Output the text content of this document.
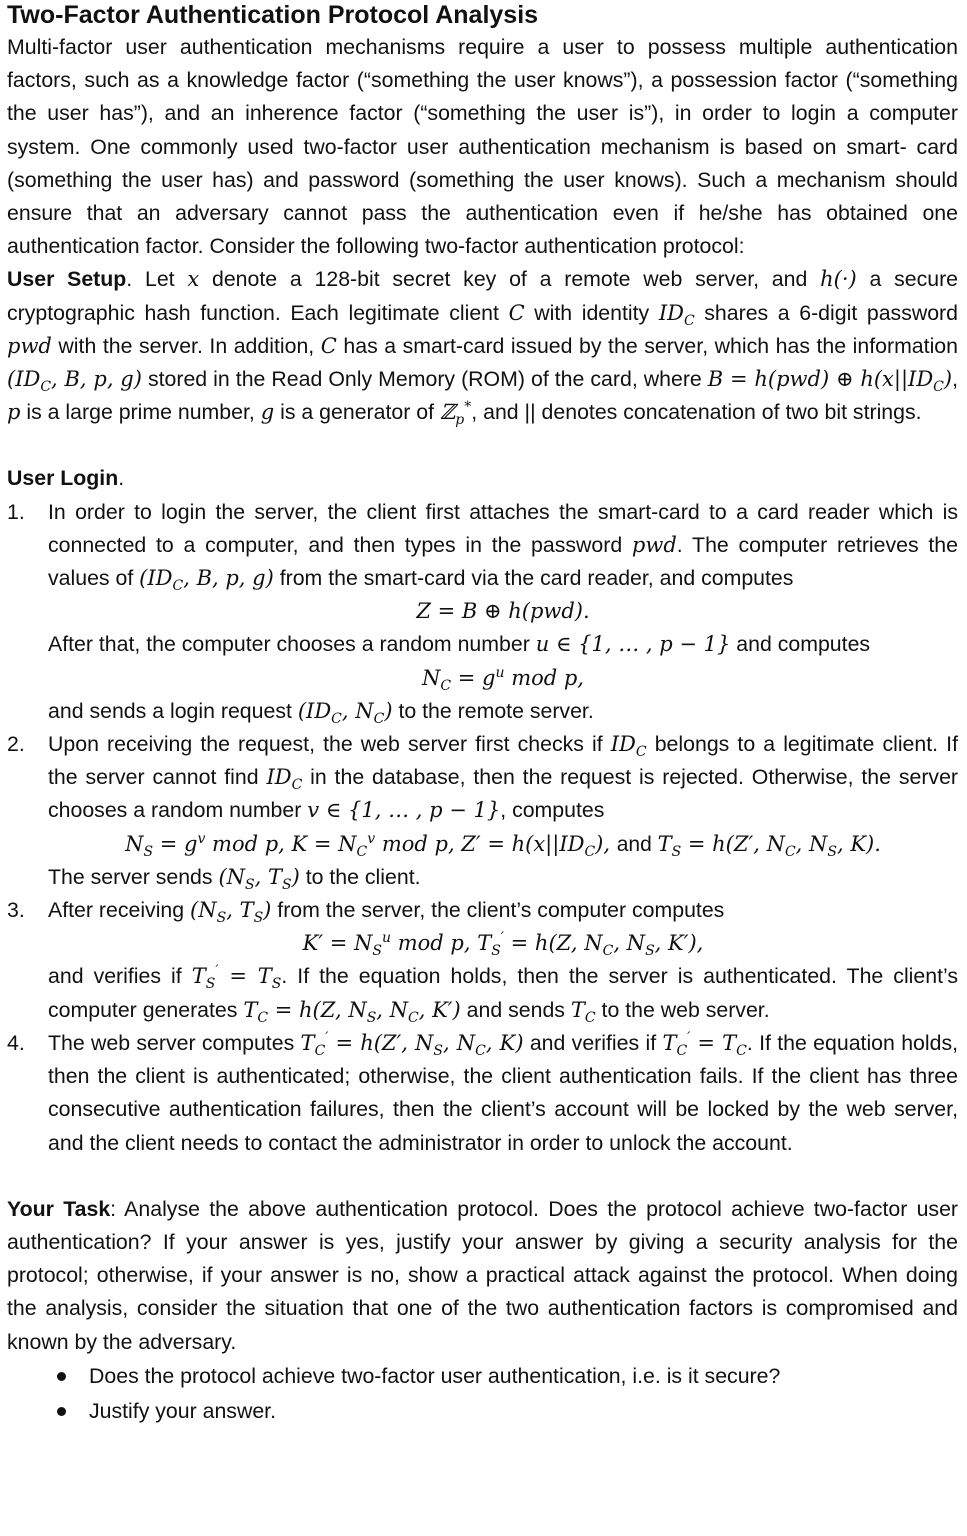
Two-Factor Authentication Protocol Analysis

Multi-factor user authentication mechanisms require a user to possess multiple authentication factors, such as a knowledge factor (“something the user knows”), a possession factor (“something the user has”), and an inherence factor (“something the user is”), in order to login a computer system. One commonly used two-factor user authentication mechanism is based on smart- card (something the user has) and password (something the user knows). Such a mechanism should ensure that an adversary cannot pass the authentication even if he/she has obtained one authentication factor. Consider the following two-factor authentication protocol:

User Setup. Let x denote a 128-bit secret key of a remote web server, and h(·) a secure cryptographic hash function. Each legitimate client C with identity $ID_C$ shares a 6-digit password pwd with the server. In addition, C has a smart-card issued by the server, which has the information ($ID_C$, B, p, g) stored in the Read Only Memory (ROM) of the card, where B = h(pwd) ⊕ $h(x||ID_C)$, p is a large prime number, g is a generator of ℤ$_p$*, and || denotes concatenation of two bit strings.

User Login.

1. In order to login the server, the client first attaches the smart-card to a card reader which is connected to a computer, and then types in the password pwd. The computer retrieves the values of ($ID_C$, B, p, g) from the smart-card via the card reader, and computes
Z = B ⊕ h(pwd).
After that, the computer chooses a random number u ∈ {1, … , p − 1} and computes
$N_C = g^u$ mod p,
and sends a login request ($ID_C$, $N_C$) to the remote server.
2. Upon receiving the request, the web server first checks if $ID_C$ belongs to a legitimate client. If the server cannot find $ID_C$ in the database, then the request is rejected. Otherwise, the server chooses a random number v ∈ {1, … , p − 1}, computes
$N_S = g^v$ mod p, $K = N_C^v$ mod p, $Z' = h(x||ID_C)$, and $T_S = h(Z'$, $N_C$, $N_S$, K).
The server sends ($N_S$, $T_S$) to the client.
3. After receiving ($N_S$, $T_S$) from the server, the client’s computer computes
$K' = N_S^u$ mod p, $T_S' = h(Z$, $N_C$, $N_S$, K′),
and verifies if $T_S' = T_S$. If the equation holds, then the server is authenticated. The client’s computer generates $T_C = h(Z$, $N_S$, $N_C$, K′) and sends $T_C$ to the web server.
4. The web server computes $T_C' = h(Z'$, $N_S$, $N_C$, K) and verifies if $T_C' = T_C$. If the equation holds, then the client is authenticated; otherwise, the client authentication fails. If the client has three consecutive authentication failures, then the client’s account will be locked by the web server, and the client needs to contact the administrator in order to unlock the account.

Your Task: Analyse the above authentication protocol. Does the protocol achieve two-factor user authentication? If your answer is yes, justify your answer by giving a security analysis for the protocol; otherwise, if your answer is no, show a practical attack against the protocol. When doing the analysis, consider the situation that one of the two authentication factors is compromised and known by the adversary.

Does the protocol achieve two-factor user authentication, i.e. is it secure?
Justify your answer.
